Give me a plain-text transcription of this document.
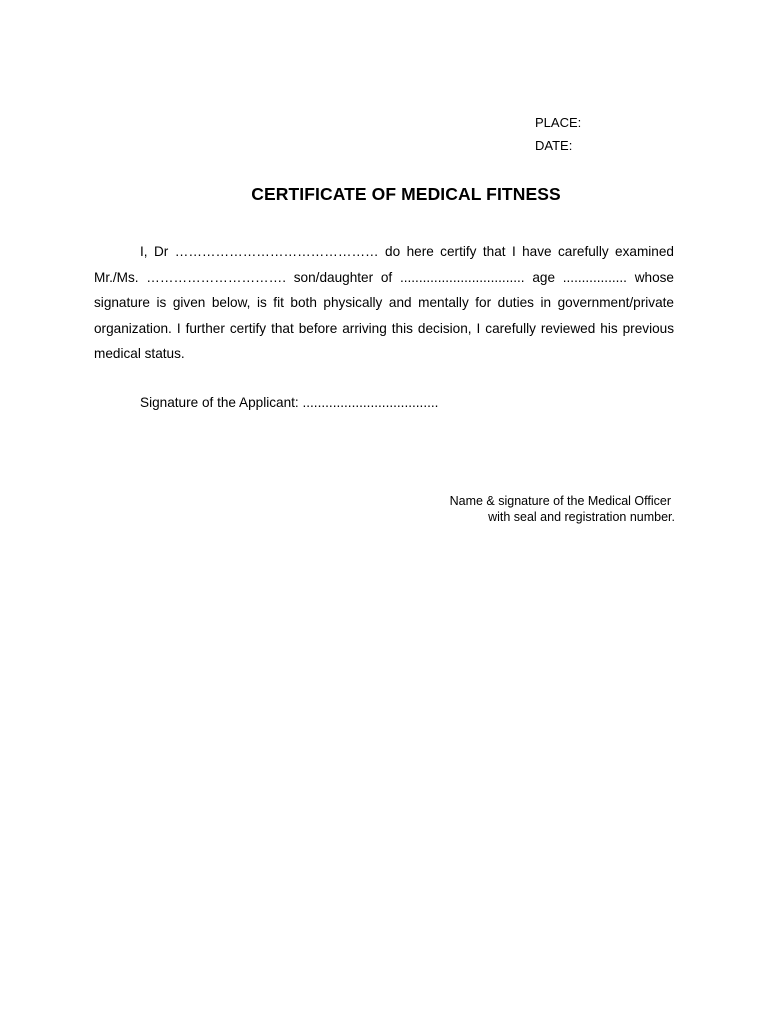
PLACE:
DATE:
CERTIFICATE OF MEDICAL FITNESS
I, Dr ……………………………………… do here certify that I have carefully examined Mr./Ms. …………………………. son/daughter of ................................. age ................. whose signature is given below, is fit both physically and mentally for duties in government/private organization. I further certify that before arriving this decision, I carefully reviewed his previous medical status.
Signature of the Applicant: ....................................
Name & signature of the Medical Officer
with seal and registration number.
